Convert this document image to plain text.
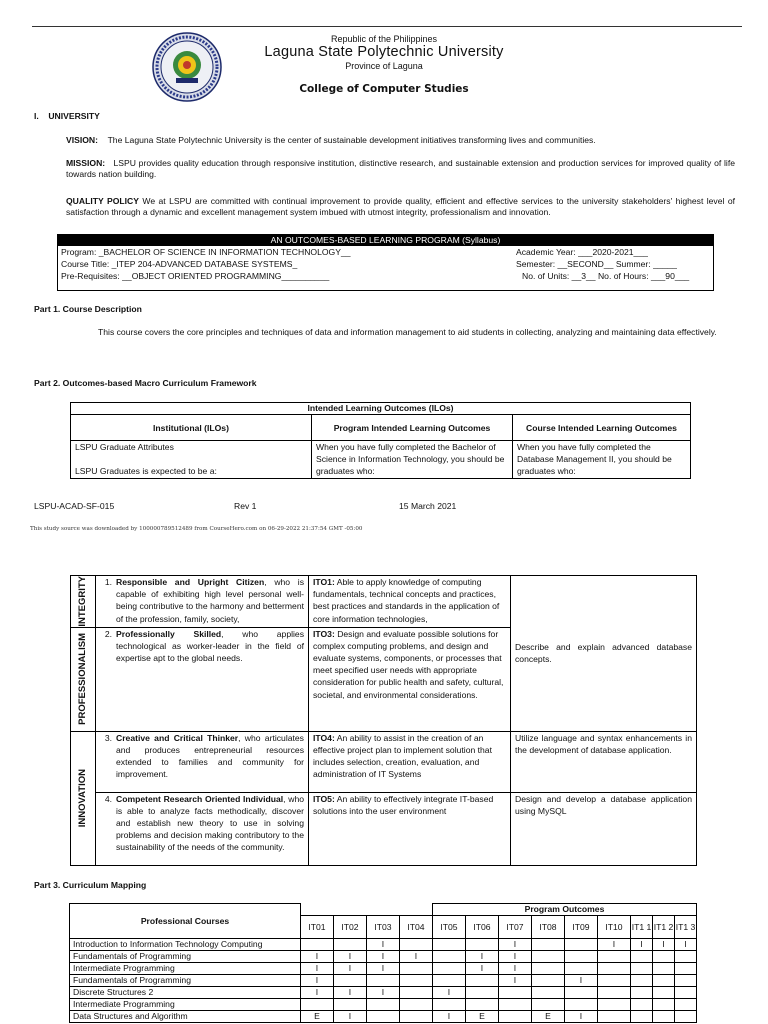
Republic of the Philippines
Laguna State Polytechnic University
Province of Laguna
College of Computer Studies
I.    UNIVERSITY
VISION: The Laguna State Polytechnic University is the center of sustainable development initiatives transforming lives and communities.
MISSION: LSPU provides quality education through responsive institution, distinctive research, and sustainable extension and production services for improved quality of life towards nation building.
QUALITY POLICY We at LSPU are committed with continual improvement to provide quality, efficient and effective services to the university stakeholders' highest level of satisfaction through a dynamic and excellent management system imbued with utmost integrity, professionalism and innovation.
AN OUTCOMES-BASED LEARNING PROGRAM (Syllabus)
Program: _BACHELOR OF SCIENCE IN INFORMATION TECHNOLOGY__
Course Title: _ITEP 204-ADVANCED DATABASE SYSTEMS_
Pre-Requisites: __OBJECT ORIENTED PROGRAMMING__________
Academic Year: ___2020-2021___
Semester: __SECOND__ Summer: _____
No. of Units: __3__ No. of Hours: ___90___
Part 1. Course Description
This course covers the core principles and techniques of data and information management to aid students in collecting, analyzing and maintaining data effectively.
Part 2. Outcomes-based Macro Curriculum Framework
Intended Learning Outcomes (ILOs)		
Institutional (ILOs)	Program Intended Learning Outcomes	Course Intended Learning Outcomes

LSPU Graduate Attributes
LSPU Graduates is expected to be a:	When you have fully completed the Bachelor of Science in Information Technology, you should be graduates who:	When you have fully completed the Database Management II, you should be graduates who:
LSPU-ACAD-SF-015	Rev 1	15 March 2021
This study source was downloaded by 100000789512489 from CourseHero.com on 06-29-2022 21:37:54 GMT -05:00
INTEGRITY	1. Responsible and Upright Citizen, who is capable of exhibiting high level personal well-being contributive to the harmony and betterment of the profession, family, society,	ITO1: Able to apply knowledge of computing fundamentals, technical concepts and practices, best practices and standards in the application of core information technologies,	Describe and explain advanced database concepts.

PROFESSIONALISM	2. Professionally Skilled, who applies technological as worker-leader in the field of expertise apt to the global needs.	ITO3: Design and evaluate possible solutions for complex computing problems, and design and evaluate systems, components, or processes that meet specified user needs with appropriate consideration for public health and safety, cultural, societal, and environmental considerations.	

INNOVATION	3. Creative and Critical Thinker, who articulates and produces entrepreneurial resources extended to families and community for improvement.	ITO4: An ability to assist in the creation of an effective project plan to implement solution that includes selection, creation, evaluation, and administration of IT Systems	Utilize language and syntax enhancements in the development of database application.

	4. Competent Research Oriented Individual, who is able to analyze facts methodically, discover and establish new theory to use in solving problems and decision making contributory to the sustainability of the needs of the community.	ITO5: An ability to effectively integrate IT-based solutions into the user environment	Design and develop a database application using MySQL
Part 3. Curriculum Mapping
Professional Courses					Program Outcomes								
	IT01	IT02	IT03	IT04	IT05	IT06	IT07	IT08	IT09	IT10	IT1 1	IT1 2	IT1 3
Introduction to Information Technology Computing			I				I			I	I	I	I
Fundamentals of Programming	I	I	I	I		I	I						
Intermediate Programming	I	I	I			I	I						
Fundamentals of Programming	I						I		I				
Discrete Structures 2	I	I	I		I								
Intermediate Programming													
Data Structures and Algorithm	E	I			I	E		E	I				
